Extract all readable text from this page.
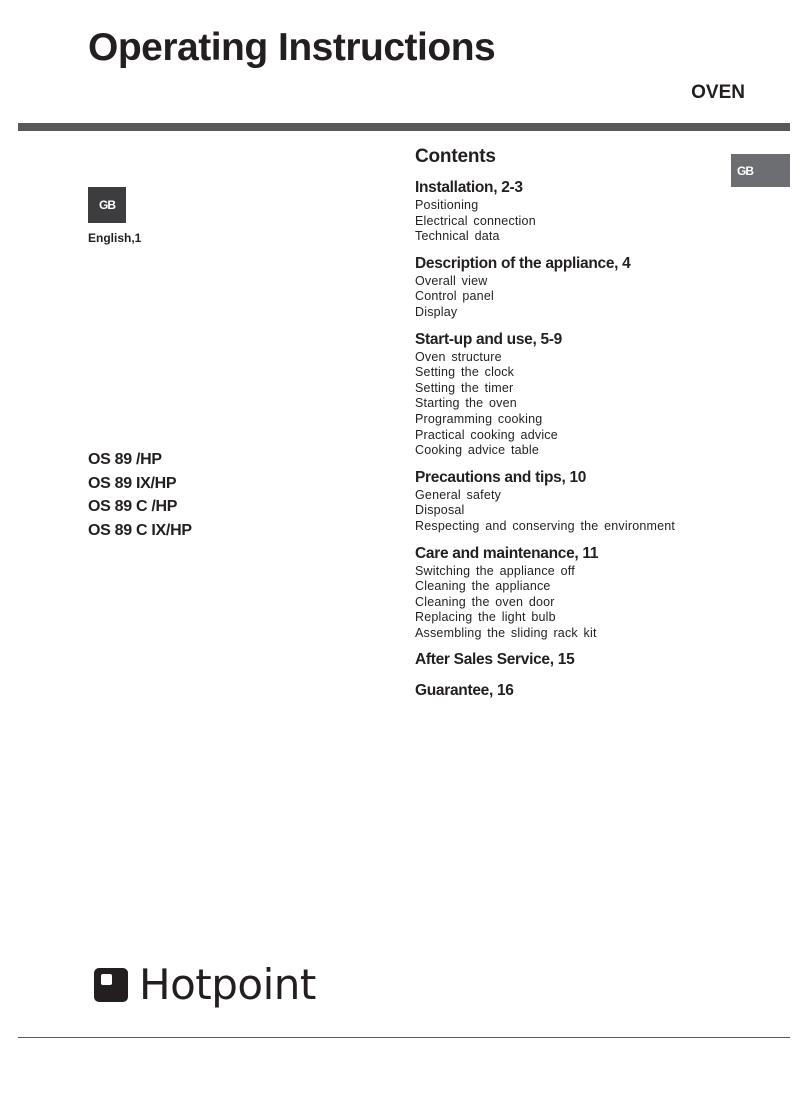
Operating Instructions
OVEN
GB
English,1
GB
OS 89 /HP
OS 89 IX/HP
OS 89 C /HP
OS 89 C IX/HP
Contents
Installation, 2-3
Positioning
Electrical connection
Technical data
Description of the appliance, 4
Overall view
Control panel
Display
Start-up and use, 5-9
Oven structure
Setting the clock
Setting the timer
Starting the oven
Programming cooking
Practical cooking advice
Cooking advice table
Precautions and tips, 10
General safety
Disposal
Respecting and conserving the environment
Care and maintenance, 11
Switching the appliance off
Cleaning the appliance
Cleaning the oven door
Replacing the light bulb
Assembling the sliding rack kit
After Sales Service, 15
Guarantee, 16
Hotpoint
